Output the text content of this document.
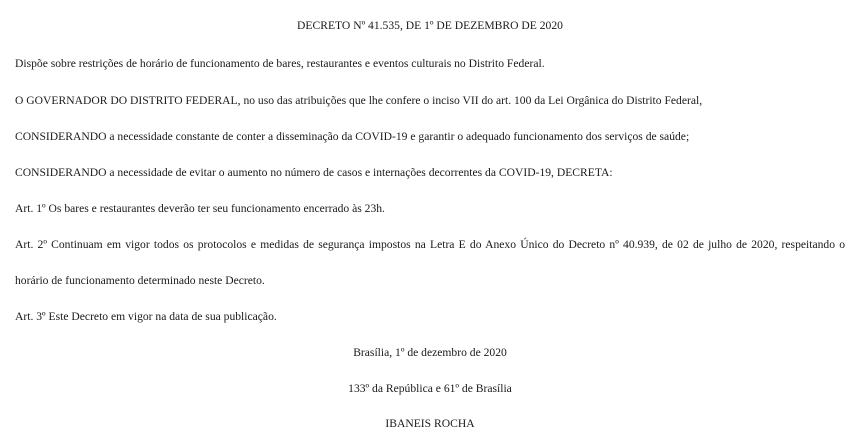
DECRETO Nº 41.535, DE 1º DE DEZEMBRO DE 2020
Dispõe sobre restrições de horário de funcionamento de bares, restaurantes e eventos culturais no Distrito Federal.
O GOVERNADOR DO DISTRITO FEDERAL, no uso das atribuições que lhe confere o inciso VII do art. 100 da Lei Orgânica do Distrito Federal,
CONSIDERANDO a necessidade constante de conter a disseminação da COVID-19 e garantir o adequado funcionamento dos serviços de saúde;
CONSIDERANDO a necessidade de evitar o aumento no número de casos e internações decorrentes da COVID-19, DECRETA:
Art. 1º Os bares e restaurantes deverão ter seu funcionamento encerrado às 23h.
Art. 2º Continuam em vigor todos os protocolos e medidas de segurança impostos na Letra E do Anexo Único do Decreto nº 40.939, de 02 de julho de 2020, respeitando o
horário de funcionamento determinado neste Decreto.
Art. 3º Este Decreto em vigor na data de sua publicação.
Brasília, 1º de dezembro de 2020
133º da República e 61º de Brasília
IBANEIS ROCHA
